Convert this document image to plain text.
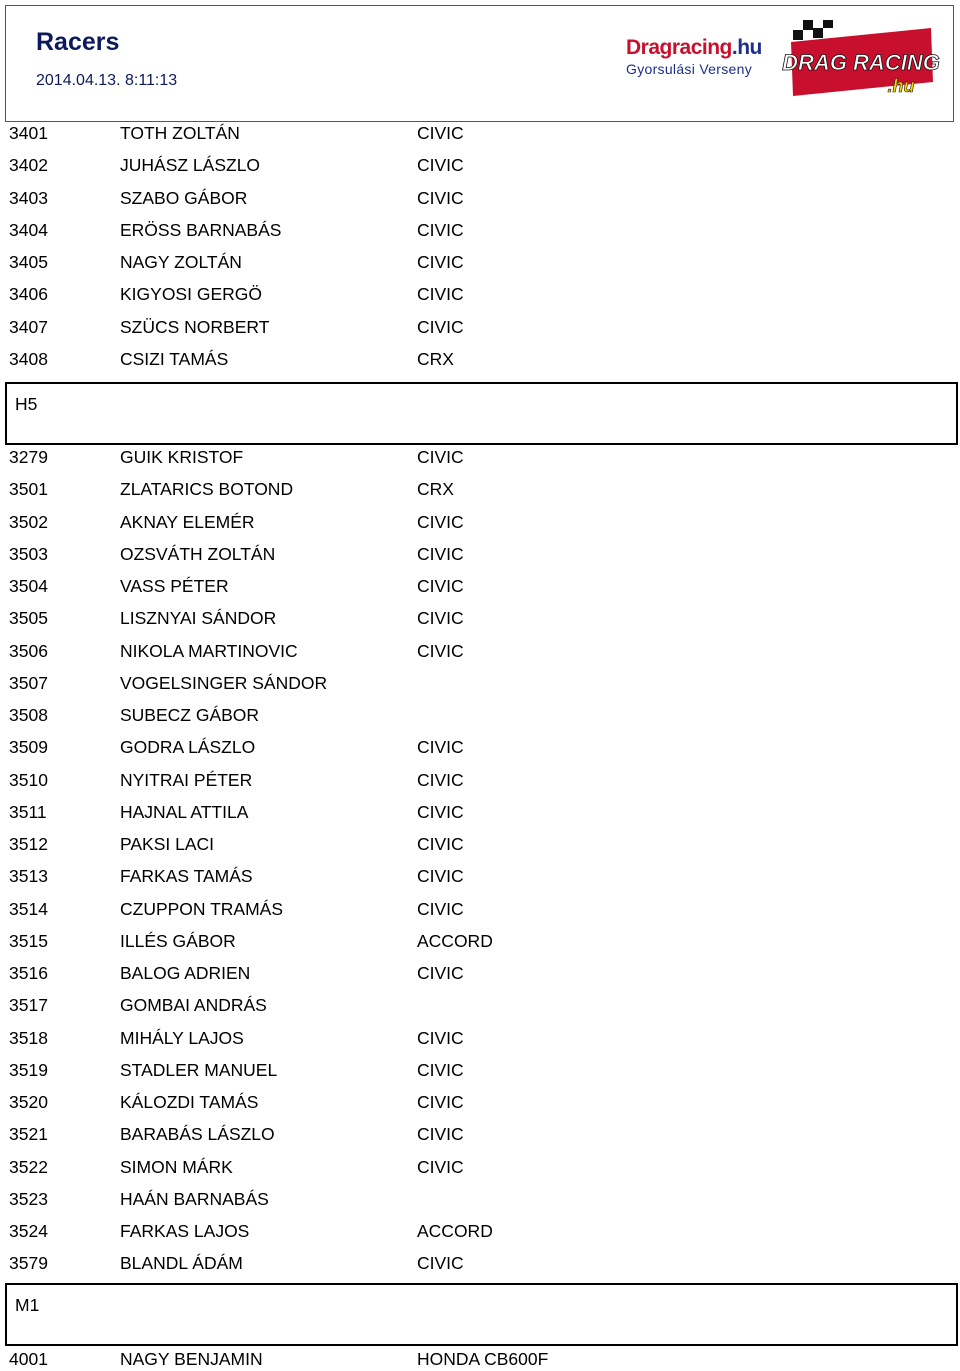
Racers
2014.04.13. 8:11:13
Dragracing.hu
Gyorsulási Verseny	DRAG RACING
.hu
3401	TOTH ZOLTÁN	CIVIC
3402	JUHÁSZ LÁSZLO	CIVIC
3403	SZABO GÁBOR	CIVIC
3404	ERÖSS BARNABÁS	CIVIC
3405	NAGY ZOLTÁN	CIVIC
3406	KIGYOSI GERGÖ	CIVIC
3407	SZÜCS NORBERT	CIVIC
3408	CSIZI TAMÁS	CRX
H5
3279	GUIK KRISTOF	CIVIC
3501	ZLATARICS BOTOND	CRX
3502	AKNAY ELEMÉR	CIVIC
3503	OZSVÁTH ZOLTÁN	CIVIC
3504	VASS PÉTER	CIVIC
3505	LISZNYAI SÁNDOR	CIVIC
3506	NIKOLA MARTINOVIC	CIVIC
3507	VOGELSINGER SÁNDOR
3508	SUBECZ GÁBOR
3509	GODRA LÁSZLO	CIVIC
3510	NYITRAI PÉTER	CIVIC
3511	HAJNAL ATTILA	CIVIC
3512	PAKSI LACI	CIVIC
3513	FARKAS TAMÁS	CIVIC
3514	CZUPPON TRAMÁS	CIVIC
3515	ILLÉS GÁBOR	ACCORD
3516	BALOG ADRIEN	CIVIC
3517	GOMBAI ANDRÁS
3518	MIHÁLY LAJOS	CIVIC
3519	STADLER MANUEL	CIVIC
3520	KÁLOZDI TAMÁS	CIVIC
3521	BARABÁS LÁSZLO	CIVIC
3522	SIMON MÁRK	CIVIC
3523	HAÁN BARNABÁS
3524	FARKAS LAJOS	ACCORD
3579	BLANDL ÁDÁM	CIVIC
M1
4001	NAGY BENJAMIN	HONDA CB600F
